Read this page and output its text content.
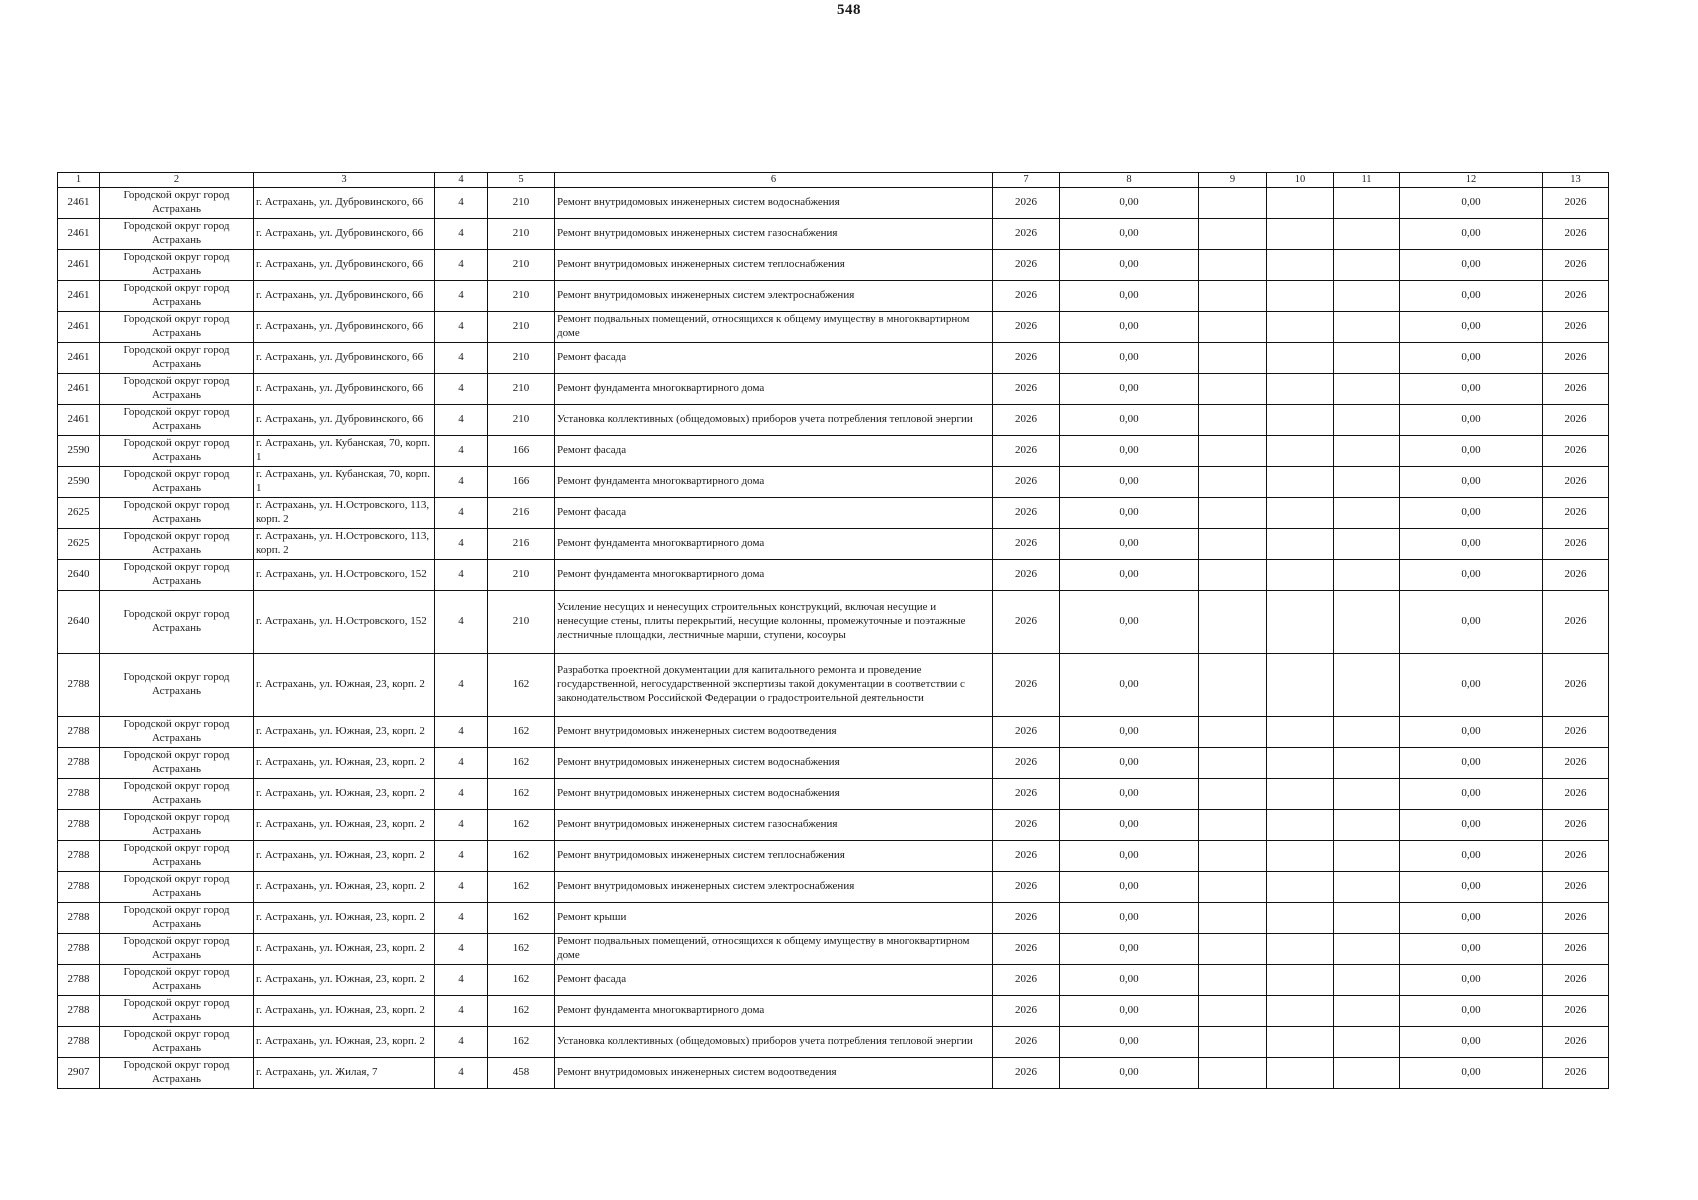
548
1	2	3	4	5	6	7	8	9	10	11	12	13
2461	Городской округ город Астрахань	г. Астрахань, ул. Дубровинского, 66	4	210	Ремонт внутридомовых инженерных систем водоснабжения	2026	0,00				0,00	2026
2461	Городской округ город Астрахань	г. Астрахань, ул. Дубровинского, 66	4	210	Ремонт внутридомовых инженерных систем газоснабжения	2026	0,00				0,00	2026
2461	Городской округ город Астрахань	г. Астрахань, ул. Дубровинского, 66	4	210	Ремонт внутридомовых инженерных систем теплоснабжения	2026	0,00				0,00	2026
2461	Городской округ город Астрахань	г. Астрахань, ул. Дубровинского, 66	4	210	Ремонт внутридомовых инженерных систем электроснабжения	2026	0,00				0,00	2026
2461	Городской округ город Астрахань	г. Астрахань, ул. Дубровинского, 66	4	210	Ремонт подвальных помещений, относящихся к общему имуществу в многоквартирном доме	2026	0,00				0,00	2026
2461	Городской округ город Астрахань	г. Астрахань, ул. Дубровинского, 66	4	210	Ремонт фасада	2026	0,00				0,00	2026
2461	Городской округ город Астрахань	г. Астрахань, ул. Дубровинского, 66	4	210	Ремонт фундамента многоквартирного дома	2026	0,00				0,00	2026
2461	Городской округ город Астрахань	г. Астрахань, ул. Дубровинского, 66	4	210	Установка коллективных (общедомовых) приборов учета потребления тепловой энергии	2026	0,00				0,00	2026
2590	Городской округ город Астрахань	г. Астрахань, ул. Кубанская, 70, корп. 1	4	166	Ремонт фасада	2026	0,00				0,00	2026
2590	Городской округ город Астрахань	г. Астрахань, ул. Кубанская, 70, корп. 1	4	166	Ремонт фундамента многоквартирного дома	2026	0,00				0,00	2026
2625	Городской округ город Астрахань	г. Астрахань, ул. Н.Островского, 113, корп. 2	4	216	Ремонт фасада	2026	0,00				0,00	2026
2625	Городской округ город Астрахань	г. Астрахань, ул. Н.Островского, 113, корп. 2	4	216	Ремонт фундамента многоквартирного дома	2026	0,00				0,00	2026
2640	Городской округ город Астрахань	г. Астрахань, ул. Н.Островского, 152	4	210	Ремонт фундамента многоквартирного дома	2026	0,00				0,00	2026
2640	Городской округ город Астрахань	г. Астрахань, ул. Н.Островского, 152	4	210	Усиление несущих и ненесущих строительных конструкций, включая несущие и ненесущие стены, плиты перекрытий, несущие колонны, промежуточные и поэтажные лестничные площадки, лестничные марши, ступени, косоуры	2026	0,00				0,00	2026
2788	Городской округ город Астрахань	г. Астрахань, ул. Южная, 23, корп. 2	4	162	Разработка проектной документации для капитального ремонта и проведение государственной, негосударственной экспертизы такой документации в соответствии с законодательством Российской Федерации о градостроительной деятельности	2026	0,00				0,00	2026
2788	Городской округ город Астрахань	г. Астрахань, ул. Южная, 23, корп. 2	4	162	Ремонт внутридомовых инженерных систем водоотведения	2026	0,00				0,00	2026
2788	Городской округ город Астрахань	г. Астрахань, ул. Южная, 23, корп. 2	4	162	Ремонт внутридомовых инженерных систем водоснабжения	2026	0,00				0,00	2026
2788	Городской округ город Астрахань	г. Астрахань, ул. Южная, 23, корп. 2	4	162	Ремонт внутридомовых инженерных систем водоснабжения	2026	0,00				0,00	2026
2788	Городской округ город Астрахань	г. Астрахань, ул. Южная, 23, корп. 2	4	162	Ремонт внутридомовых инженерных систем газоснабжения	2026	0,00				0,00	2026
2788	Городской округ город Астрахань	г. Астрахань, ул. Южная, 23, корп. 2	4	162	Ремонт внутридомовых инженерных систем теплоснабжения	2026	0,00				0,00	2026
2788	Городской округ город Астрахань	г. Астрахань, ул. Южная, 23, корп. 2	4	162	Ремонт внутридомовых инженерных систем электроснабжения	2026	0,00				0,00	2026
2788	Городской округ город Астрахань	г. Астрахань, ул. Южная, 23, корп. 2	4	162	Ремонт крыши	2026	0,00				0,00	2026
2788	Городской округ город Астрахань	г. Астрахань, ул. Южная, 23, корп. 2	4	162	Ремонт подвальных помещений, относящихся к общему имуществу в многоквартирном доме	2026	0,00				0,00	2026
2788	Городской округ город Астрахань	г. Астрахань, ул. Южная, 23, корп. 2	4	162	Ремонт фасада	2026	0,00				0,00	2026
2788	Городской округ город Астрахань	г. Астрахань, ул. Южная, 23, корп. 2	4	162	Ремонт фундамента многоквартирного дома	2026	0,00				0,00	2026
2788	Городской округ город Астрахань	г. Астрахань, ул. Южная, 23, корп. 2	4	162	Установка коллективных (общедомовых) приборов учета потребления тепловой энергии	2026	0,00				0,00	2026
2907	Городской округ город Астрахань	г. Астрахань, ул. Жилая, 7	4	458	Ремонт внутридомовых инженерных систем водоотведения	2026	0,00				0,00	2026
